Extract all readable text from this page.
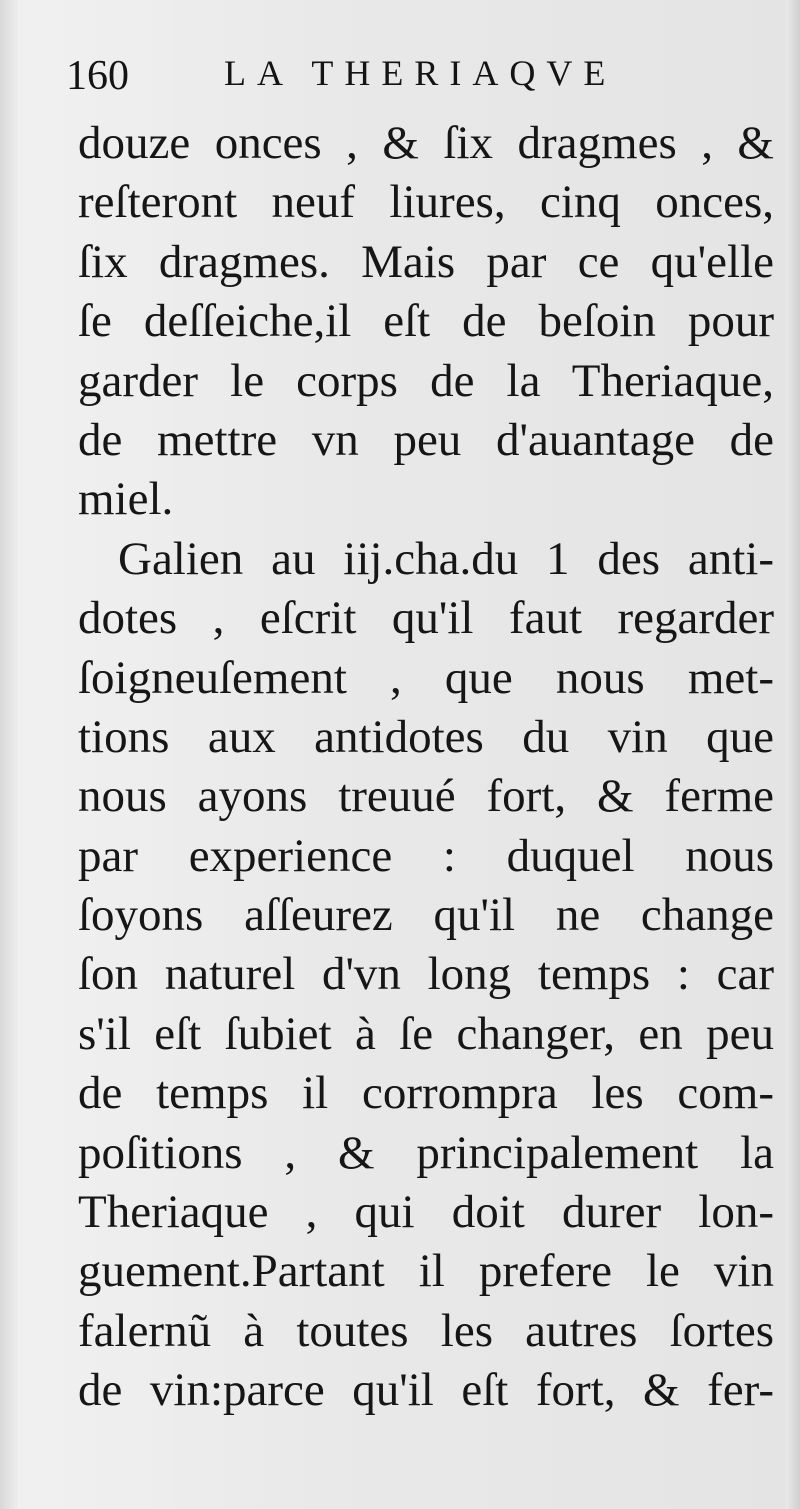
160	LA THERIAQVE
douze onces , & ſix dragmes , &
reſteront neuf liures, cinq onces,
ſix dragmes. Mais par ce qu'elle
ſe deſſeiche,il eſt de beſoin pour
garder le corps de la Theriaque,
de mettre vn peu d'auantage de
miel.
Galien au iij.cha.du 1 des anti-
dotes , eſcrit qu'il faut regarder
ſoigneuſement , que nous met-
tions aux antidotes du vin que
nous ayons treuué fort, & ferme
par experience : duquel nous
ſoyons aſſeurez qu'il ne change
ſon naturel d'vn long temps : car
s'il eſt ſubiet à ſe changer, en peu
de temps il corrompra les com-
poſitions , & principalement la
Theriaque , qui doit durer lon-
guement.Partant il prefere le vin
falernũ à toutes les autres ſortes
de vin:parce qu'il eſt fort, & fer-
